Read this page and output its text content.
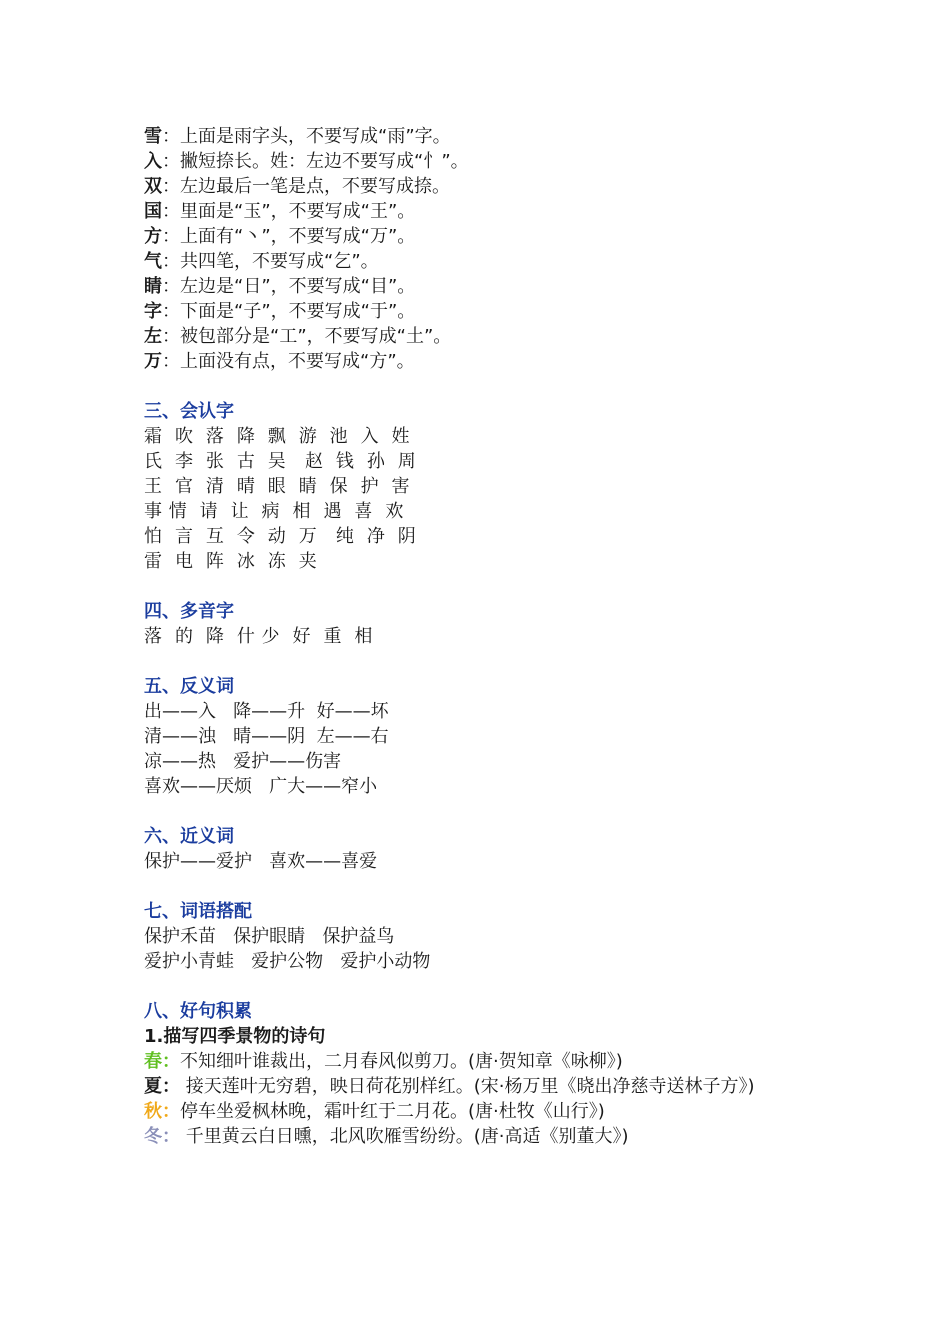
雪：上面是雨字头，不要写成“雨”字。
入：撇短捺长。姓：左边不要写成“忄”。
双：左边最后一笔是点，不要写成捺。
国：里面是“玉”，不要写成“王”。
方：上面有“丶”，不要写成“万”。
气：共四笔，不要写成“乞”。
睛：左边是“日”，不要写成“目”。
字：下面是“子”，不要写成“于”。
左：被包部分是“工”，不要写成“土”。
万：上面没有点，不要写成“方”。
三、会认字
霜  吹  落  降  飘  游  池  入  姓
氏  李  张  古  吴   赵  钱  孙  周
王  官  清  晴  眼  睛  保  护  害
事 情  请  让  病  相  遇  喜  欢
怕  言  互  令  动  万   纯  净  阴
雷  电  阵  冰  冻  夹
四、多音字
落  的  降  什 少  好  重  相
五、反义词
出——入   降——升  好——坏
清——浊   晴——阴  左——右
凉——热   爱护——伤害
喜欢——厌烦   广大——窄小
六、近义词
保护——爱护   喜欢——喜爱
七、词语搭配
保护禾苗   保护眼睛   保护益鸟
爱护小青蛙   爱护公物   爱护小动物
八、好句积累
1.描写四季景物的诗句
春：不知细叶谁裁出，二月春风似剪刀。(唐·贺知章《咏柳》)
夏： 接天莲叶无穷碧，映日荷花别样红。(宋·杨万里《晓出净慈寺送林子方》)
秋：停车坐爱枫林晚，霜叶红于二月花。(唐·杜牧《山行》)
冬： 千里黄云白日曛，北风吹雁雪纷纷。(唐·高适《别董大》)
